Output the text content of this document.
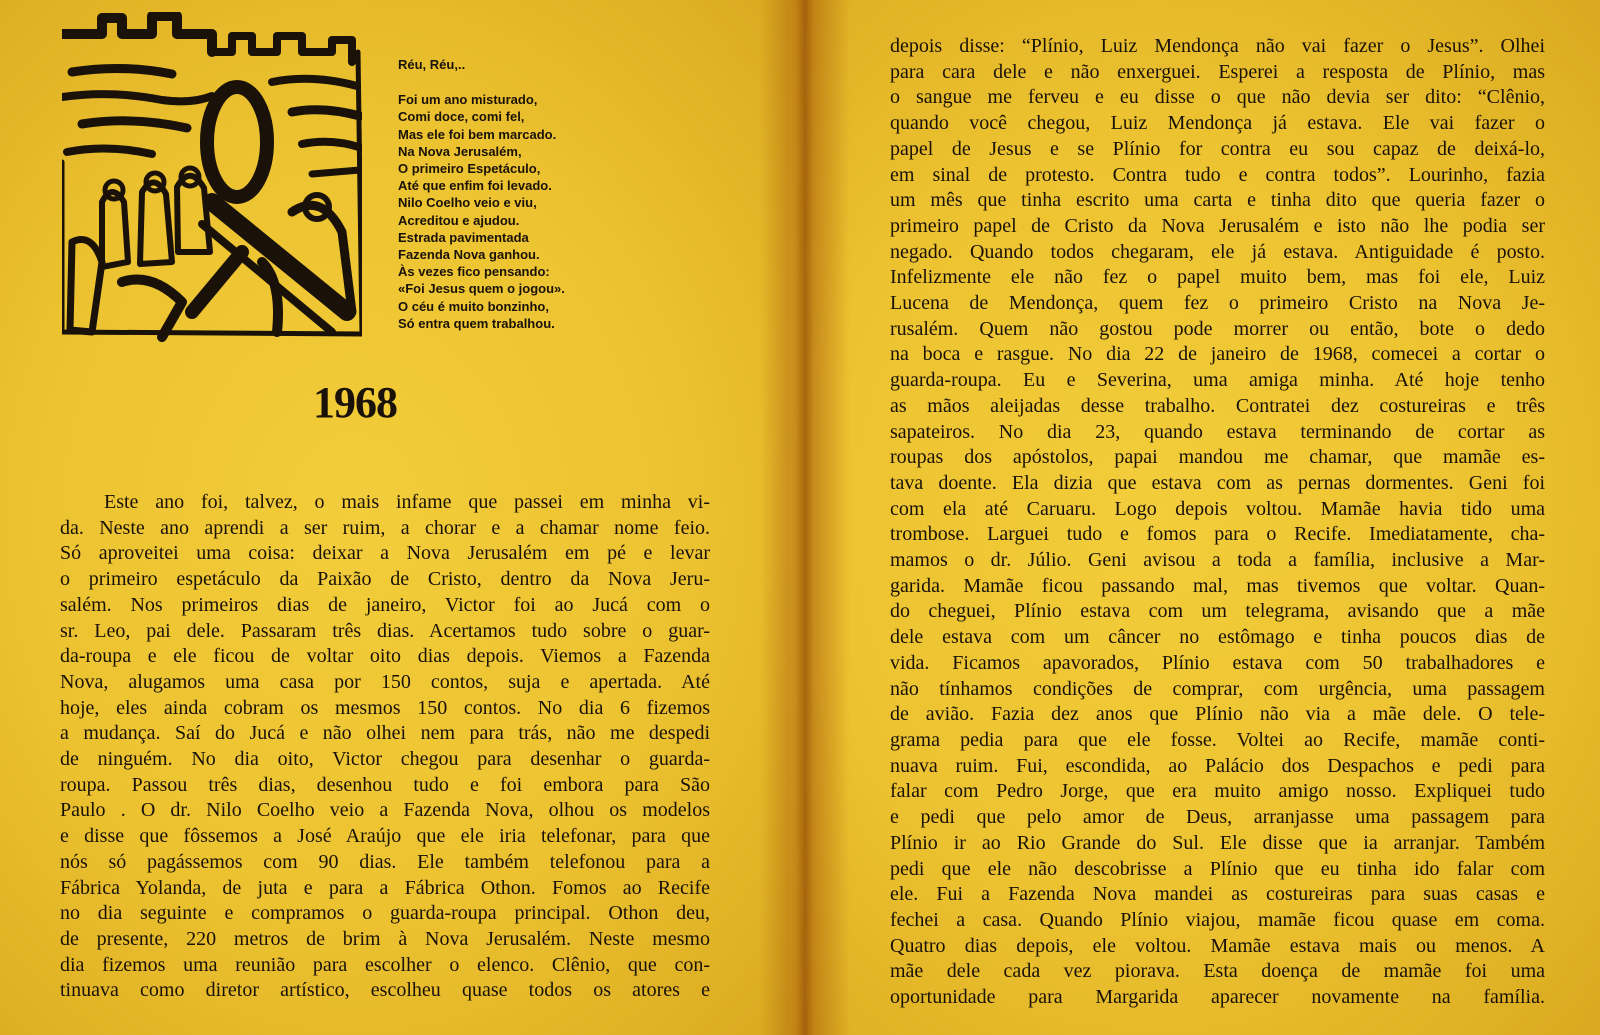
Réu, Réu,..
Foi um ano misturado,
Comi doce, comi fel,
Mas ele foi bem marcado.
Na Nova Jerusalém,
O primeiro Espetáculo,
Até que enfim foi levado.
Nilo Coelho veio e viu,
Acreditou e ajudou.
Estrada pavimentada
Fazenda Nova ganhou.
Às vezes fico pensando:
«Foi Jesus quem o jogou».
O céu é muito bonzinho,
Só entra quem trabalhou.
1968
Este ano foi, talvez, o mais infame que passei em minha vi-
da. Neste ano aprendi a ser ruim, a chorar e a chamar nome feio.
Só aproveitei uma coisa: deixar a Nova Jerusalém em pé e levar
o primeiro espetáculo da Paixão de Cristo, dentro da Nova Jeru-
salém. Nos primeiros dias de janeiro, Victor foi ao Jucá com o
sr. Leo, pai dele. Passaram três dias. Acertamos tudo sobre o guar-
da-roupa e ele ficou de voltar oito dias depois. Viemos a Fazenda
Nova, alugamos uma casa por 150 contos, suja e apertada. Até
hoje, eles ainda cobram os mesmos 150 contos. No dia 6 fizemos
a mudança. Saí do Jucá e não olhei nem para trás, não me despedi
de ninguém. No dia oito, Victor chegou para desenhar o guarda-
roupa. Passou três dias, desenhou tudo e foi embora para São
Paulo . O dr. Nilo Coelho veio a Fazenda Nova, olhou os modelos
e disse que fôssemos a José Araújo que ele iria telefonar, para que
nós só pagássemos com 90 dias. Ele também telefonou para a
Fábrica Yolanda, de juta e para a Fábrica Othon. Fomos ao Recife
no dia seguinte e compramos o guarda-roupa principal. Othon deu,
de presente, 220 metros de brim à Nova Jerusalém. Neste mesmo
dia fizemos uma reunião para escolher o elenco. Clênio, que con-
tinuava como diretor artístico, escolheu quase todos os atores e
depois disse: “Plínio, Luiz Mendonça não vai fazer o Jesus”. Olhei
para cara dele e não enxerguei. Esperei a resposta de Plínio, mas
o sangue me ferveu e eu disse o que não devia ser dito: “Clênio,
quando você chegou, Luiz Mendonça já estava. Ele vai fazer o
papel de Jesus e se Plínio for contra eu sou capaz de deixá-lo,
em sinal de protesto. Contra tudo e contra todos”. Lourinho, fazia
um mês que tinha escrito uma carta e tinha dito que queria fazer o
primeiro papel de Cristo da Nova Jerusalém e isto não lhe podia ser
negado. Quando todos chegaram, ele já estava. Antiguidade é posto.
Infelizmente ele não fez o papel muito bem, mas foi ele, Luiz
Lucena de Mendonça, quem fez o primeiro Cristo na Nova Je-
rusalém. Quem não gostou pode morrer ou então, bote o dedo
na boca e rasgue. No dia 22 de janeiro de 1968, comecei a cortar o
guarda-roupa. Eu e Severina, uma amiga minha. Até hoje tenho
as mãos aleijadas desse trabalho. Contratei dez costureiras e três
sapateiros. No dia 23, quando estava terminando de cortar as
roupas dos apóstolos, papai mandou me chamar, que mamãe es-
tava doente. Ela dizia que estava com as pernas dormentes. Geni foi
com ela até Caruaru. Logo depois voltou. Mamãe havia tido uma
trombose. Larguei tudo e fomos para o Recife. Imediatamente, cha-
mamos o dr. Júlio. Geni avisou a toda a família, inclusive a Mar-
garida. Mamãe ficou passando mal, mas tivemos que voltar. Quan-
do cheguei, Plínio estava com um telegrama, avisando que a mãe
dele estava com um câncer no estômago e tinha poucos dias de
vida. Ficamos apavorados, Plínio estava com 50 trabalhadores e
não tínhamos condições de comprar, com urgência, uma passagem
de avião. Fazia dez anos que Plínio não via a mãe dele. O tele-
grama pedia para que ele fosse. Voltei ao Recife, mamãe conti-
nuava ruim. Fui, escondida, ao Palácio dos Despachos e pedi para
falar com Pedro Jorge, que era muito amigo nosso. Expliquei tudo
e pedi que pelo amor de Deus, arranjasse uma passagem para
Plínio ir ao Rio Grande do Sul. Ele disse que ia arranjar. Também
pedi que ele não descobrisse a Plínio que eu tinha ido falar com
ele. Fui a Fazenda Nova mandei as costureiras para suas casas e
fechei a casa. Quando Plínio viajou, mamãe ficou quase em coma.
Quatro dias depois, ele voltou. Mamãe estava mais ou menos. A
mãe dele cada vez piorava. Esta doença de mamãe foi uma
oportunidade para Margarida aparecer novamente na família.
